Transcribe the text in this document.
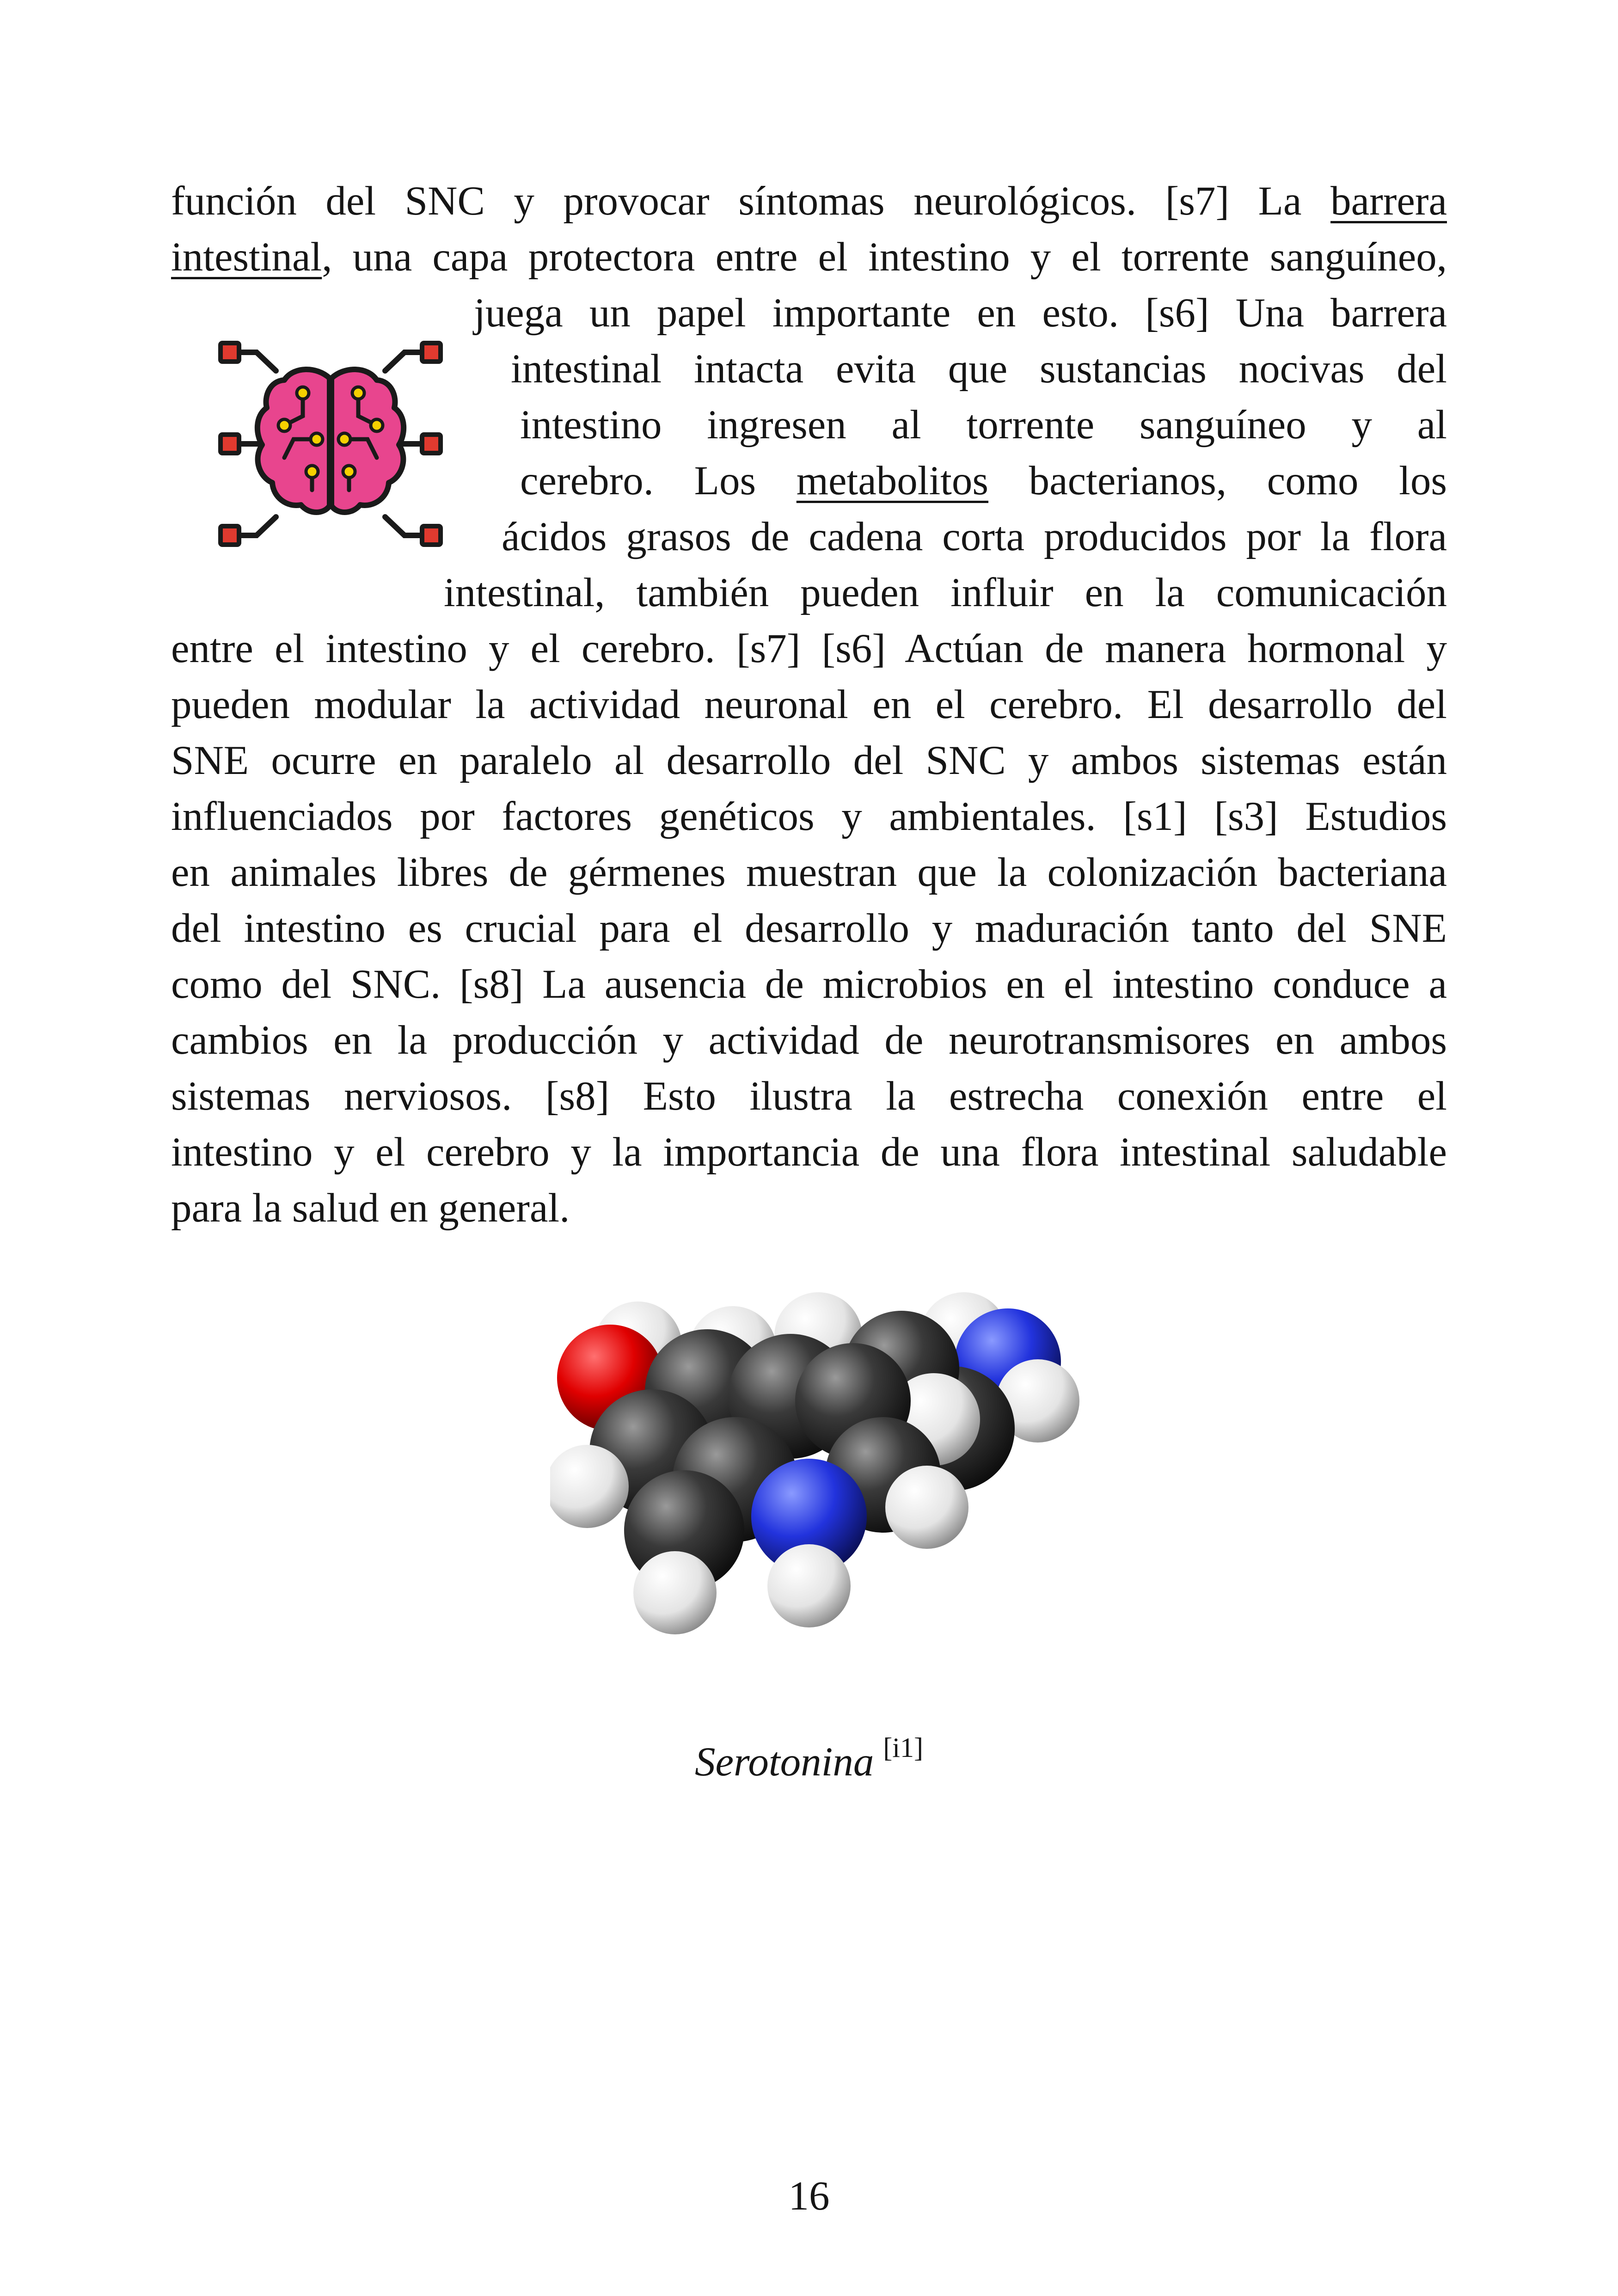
función del SNC y provocar síntomas neurológicos. [s7] La barrera
intestinal, una capa protectora entre el intestino y el torrente sanguíneo,
juega un papel importante en esto. [s6] Una barrera
intestinal intacta evita que sustancias nocivas del
intestino ingresen al torrente sanguíneo y al
cerebro. Los metabolitos bacterianos, como los
ácidos grasos de cadena corta producidos por la flora
intestinal, también pueden influir en la comunicación
entre el intestino y el cerebro. [s7] [s6] Actúan de manera hormonal y
pueden modular la actividad neuronal en el cerebro. El desarrollo del
SNE ocurre en paralelo al desarrollo del SNC y ambos sistemas están
influenciados por factores genéticos y ambientales. [s1] [s3] Estudios
en animales libres de gérmenes muestran que la colonización bacteriana
del intestino es crucial para el desarrollo y maduración tanto del SNE
como del SNC. [s8] La ausencia de microbios en el intestino conduce a
cambios en la producción y actividad de neurotransmisores en ambos
sistemas nerviosos. [s8] Esto ilustra la estrecha conexión entre el
intestino y el cerebro y la importancia de una flora intestinal saludable
para la salud en general.
Serotonina [i1]
16
